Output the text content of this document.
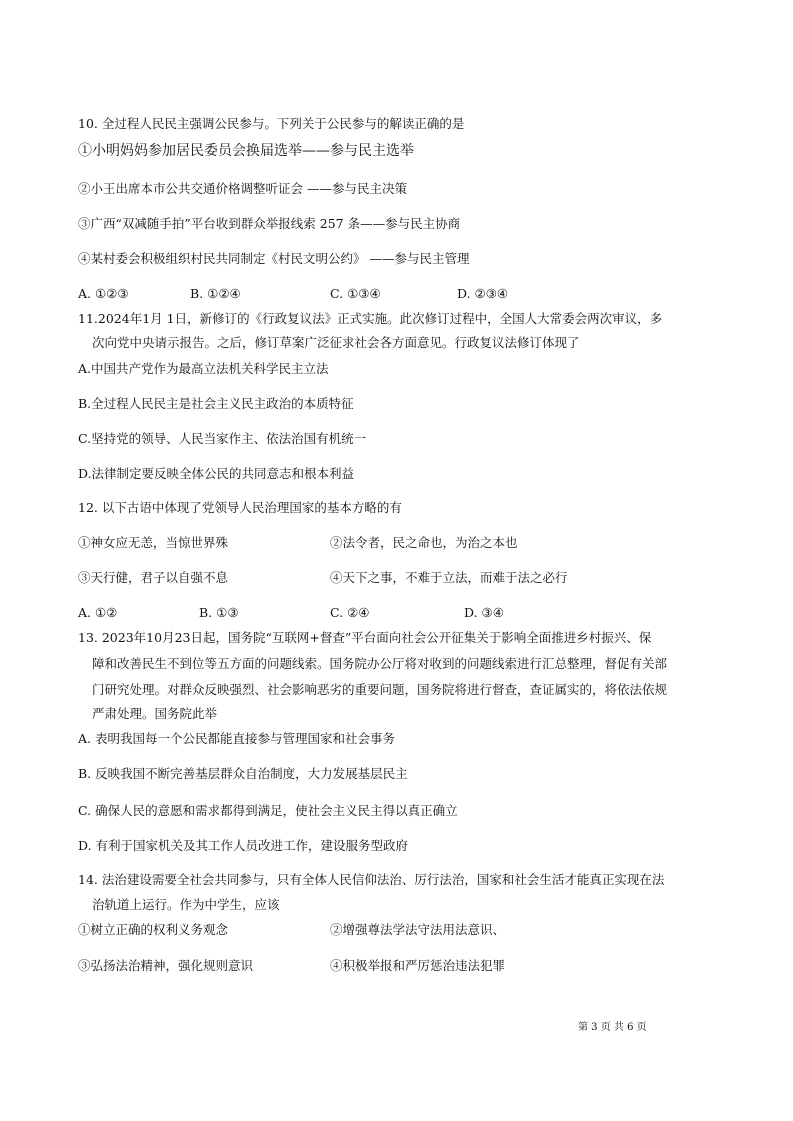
10. 全过程人民民主强调公民参与。下列关于公民参与的解读正确的是
①小明妈妈参加居民委员会换届选举——参与民主选举
②小王出席本市公共交通价格调整听证会 ——参与民主决策
③广西“双减随手拍”平台收到群众举报线索 257 条——参与民主协商
④某村委会积极组织村民共同制定《村民文明公约》 ——参与民主管理
A. ①②③	B. ①②④	C. ①③④	D. ②③④
11.2024年1月 1日，新修订的《行政复议法》正式实施。此次修订过程中，全国人大常委会两次审议，多
次向党中央请示报告。之后，修订草案广泛征求社会各方面意见。行政复议法修订体现了
A.中国共产党作为最高立法机关科学民主立法
B.全过程人民民主是社会主义民主政治的本质特征
C.坚持党的领导、人民当家作主、依法治国有机统一
D.法律制定要反映全体公民的共同意志和根本利益
12. 以下古语中体现了党领导人民治理国家的基本方略的有
①神女应无恙，当惊世界殊	②法令者，民之命也，为治之本也
③天行健，君子以自强不息	④天下之事，不难于立法，而难于法之必行
A. ①②	B. ①③	C. ②④	D. ③④
13. 2023年10月23日起，国务院“互联网+督查”平台面向社会公开征集关于影响全面推进乡村振兴、保
障和改善民生不到位等五方面的问题线索。国务院办公厅将对收到的问题线索进行汇总整理，督促有关部
门研究处理。对群众反映强烈、社会影响恶劣的重要问题，国务院将进行督查，查证属实的，将依法依规
严肃处理。国务院此举
A. 表明我国每一个公民都能直接参与管理国家和社会事务
B. 反映我国不断完善基层群众自治制度，大力发展基层民主
C. 确保人民的意愿和需求都得到满足，使社会主义民主得以真正确立
D. 有利于国家机关及其工作人员改进工作，建设服务型政府
14. 法治建设需要全社会共同参与，只有全体人民信仰法治、厉行法治，国家和社会生活才能真正实现在法
治轨道上运行。作为中学生，应该
①树立正确的权利义务观念	②增强尊法学法守法用法意识、
③弘扬法治精神，强化规则意识	④积极举报和严厉惩治违法犯罪
第 3 页 共 6 页
